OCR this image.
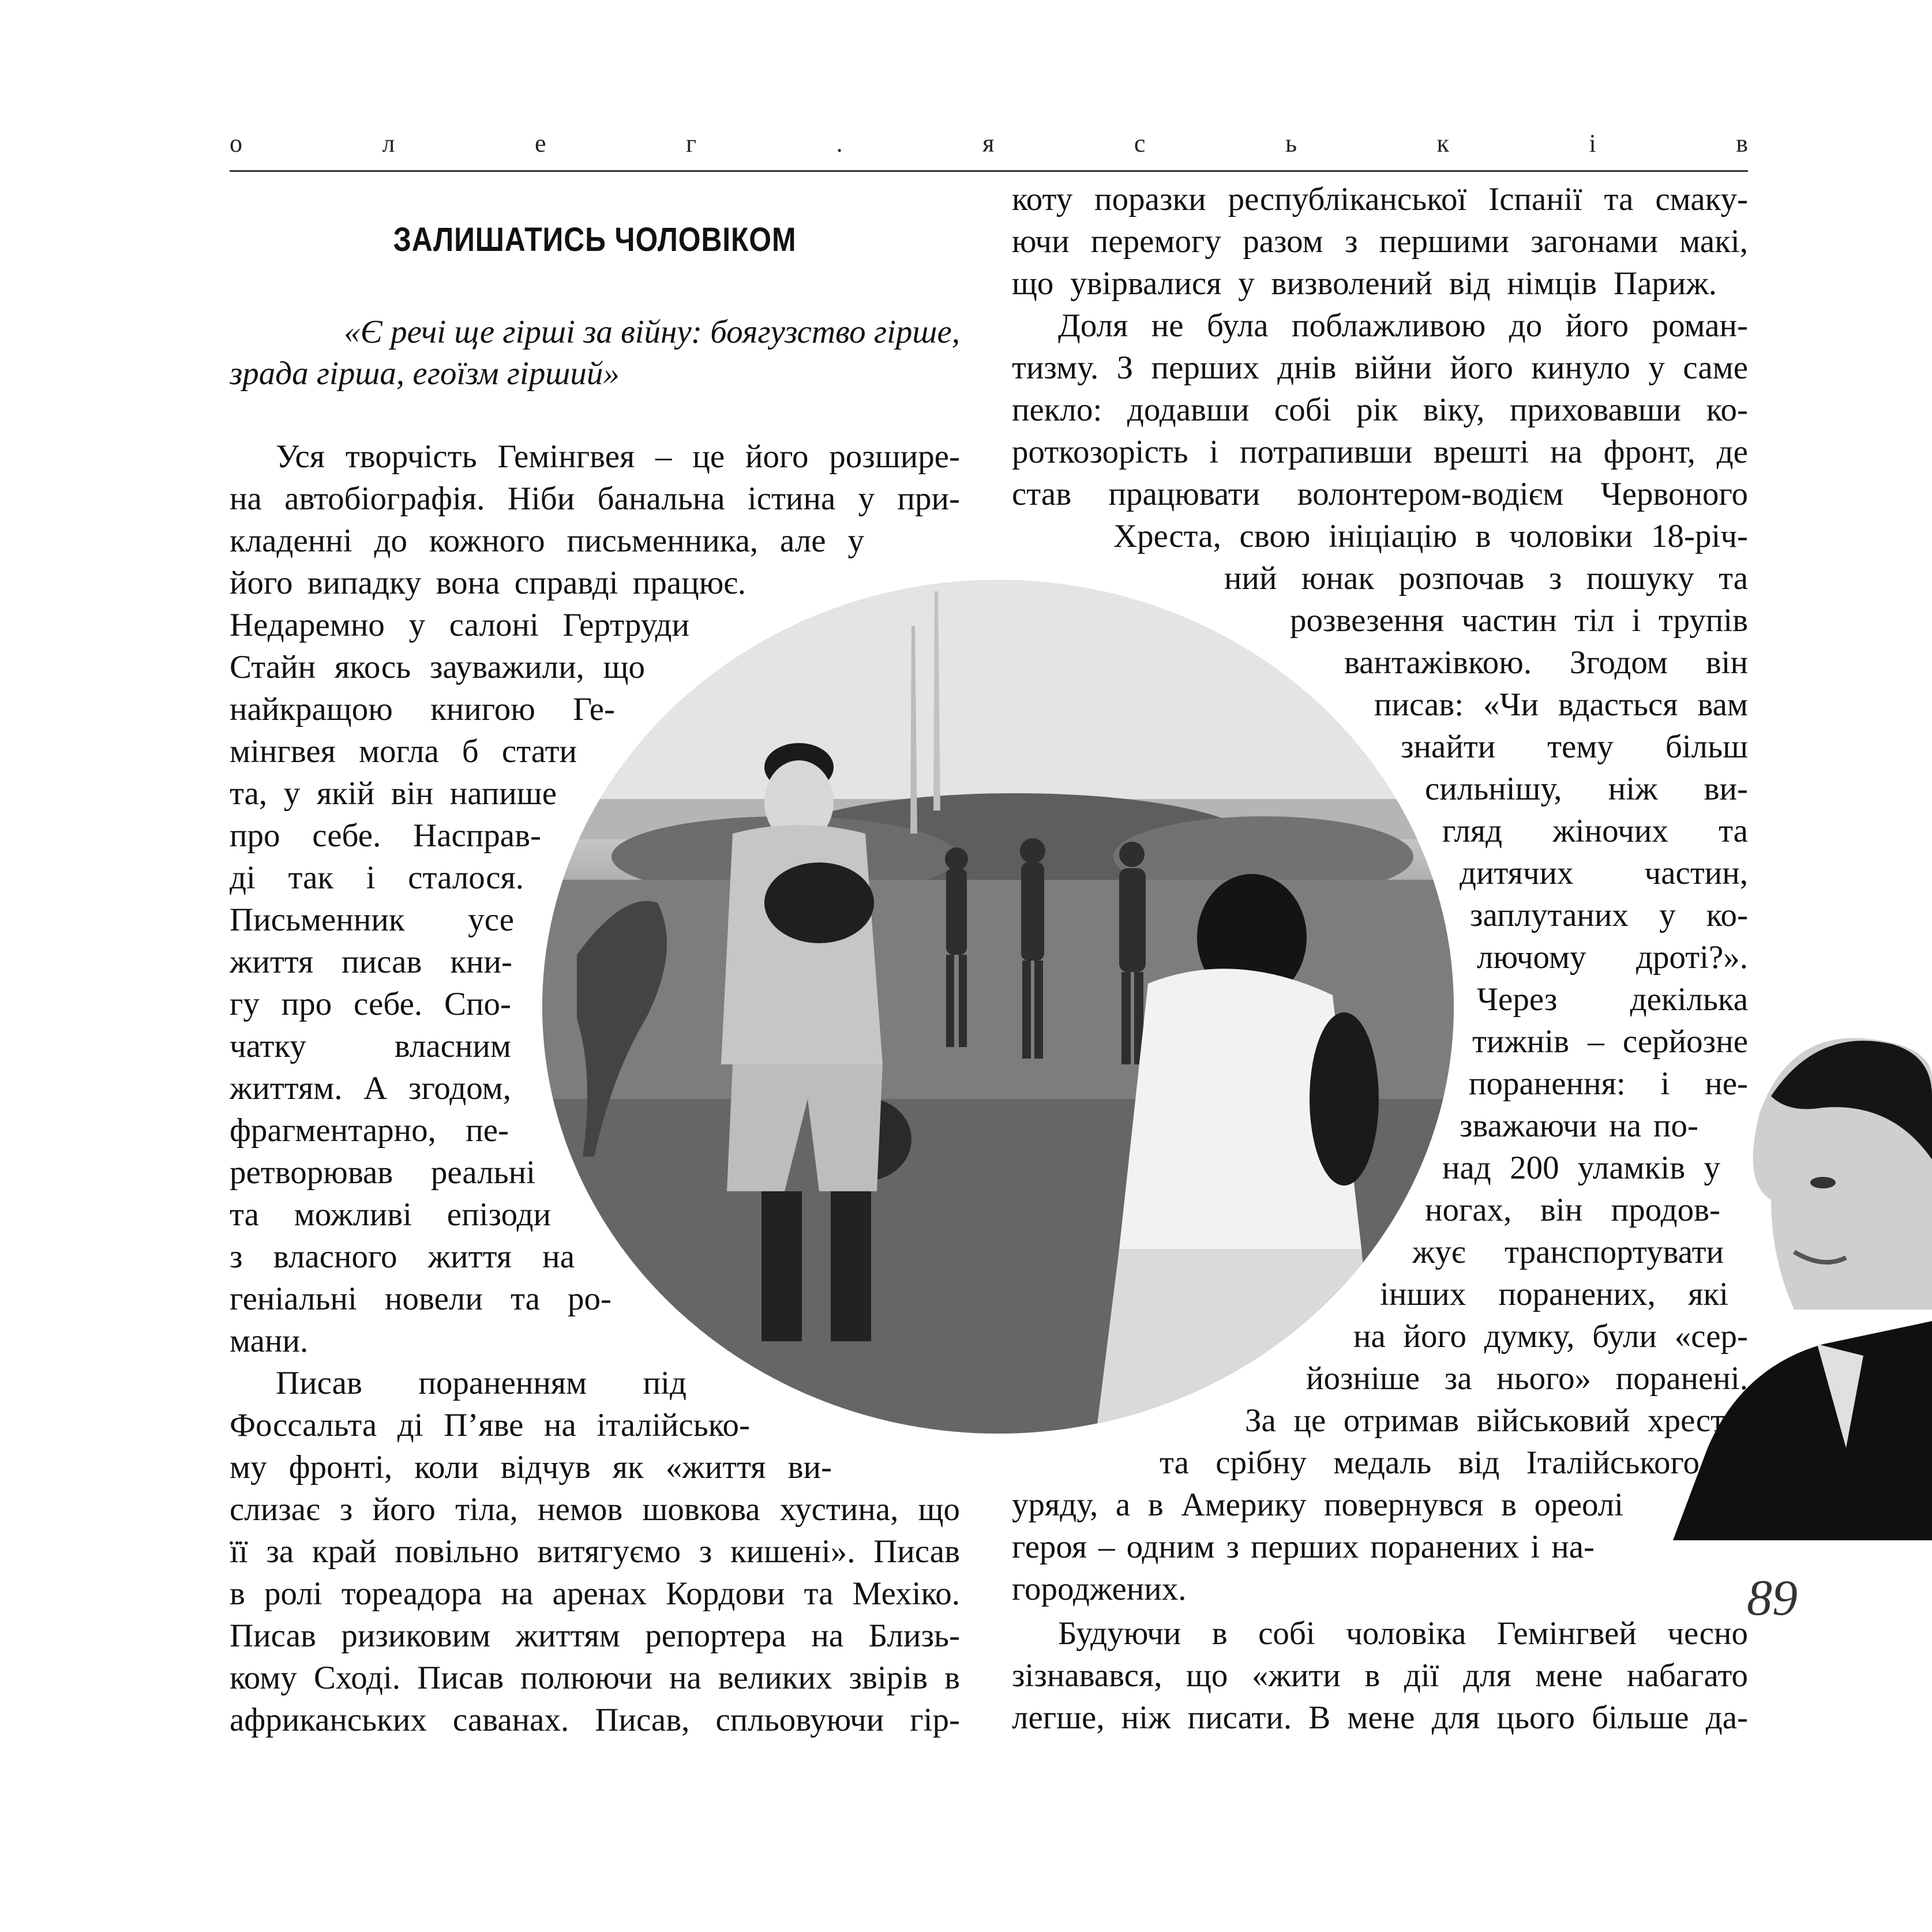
о	л	е	г	.	я	с	ь	к	і	в
ЗАЛИШАТИСЬ ЧОЛОВІКОМ
«Є речі ще гірші за війну: боягузство гірше,
зрада гірша, егоїзм гірший»
Уся творчість Гемінгвея – це його розшире-
на автобіографія. Ніби банальна істина у при-
кладенні до кожного письменника, але у
його випадку вона справді працює.
Недаремно у салоні Гертруди
Стайн якось зауважили, що
найкращою книгою Ге-
мінгвея могла б стати
та, у якій він напише
про себе. Насправ-
ді так і сталося.
Письменник усе
життя писав кни-
гу про себе. Спо-
чатку власним
життям. А згодом,
фрагментарно, пе-
ретворював реальні
та можливі епізоди
з власного життя на
геніальні новели та ро-
мани.
Писав пораненням під
Фоссальта ді П’яве на італійсько-
му фронті, коли відчув як «життя ви-
слизає з його тіла, немов шовкова хустина, що
її за край повільно витягуємо з кишені». Писав
в ролі тореадора на аренах Кордови та Мехіко.
Писав ризиковим життям репортера на Близь-
кому Сході. Писав полюючи на великих звірів в
африканських саванах. Писав, спльовуючи гір-
коту поразки республіканської Іспанії та смаку-
ючи перемогу разом з першими загонами макі,
що увірвалися у визволений від німців Париж.
Доля не була поблажливою до його роман-
тизму. З перших днів війни його кинуло у саме
пекло: додавши собі рік віку, приховавши ко-
роткозорість і потрапивши врешті на фронт, де
став працювати волонтером-водієм Червоного
Хреста, свою ініціацію в чоловіки 18-річ-
ний юнак розпочав з пошуку та
розвезення частин тіл і трупів
вантажівкою. Згодом він
писав: «Чи вдасться вам
знайти тему більш
сильнішу, ніж ви-
гляд жіночих та
дитячих частин,
заплутаних у ко-
лючому дроті?».
Через декілька
тижнів – серйозне
поранення: і не-
зважаючи на по-
над 200 уламків у
ногах, він продов-
жує транспортувати
інших поранених, які
на його думку, були «сер-
йозніше за нього» поранені.
За це отримав військовий хрест
та срібну медаль від Італійського
уряду, а в Америку повернувся в ореолі
героя – одним з перших поранених і на-
городжених.
Будуючи в собі чоловіка Гемінгвей чесно
зізнавався, що «жити в дії для мене набагато
легше, ніж писати. В мене для цього більше да-
89
